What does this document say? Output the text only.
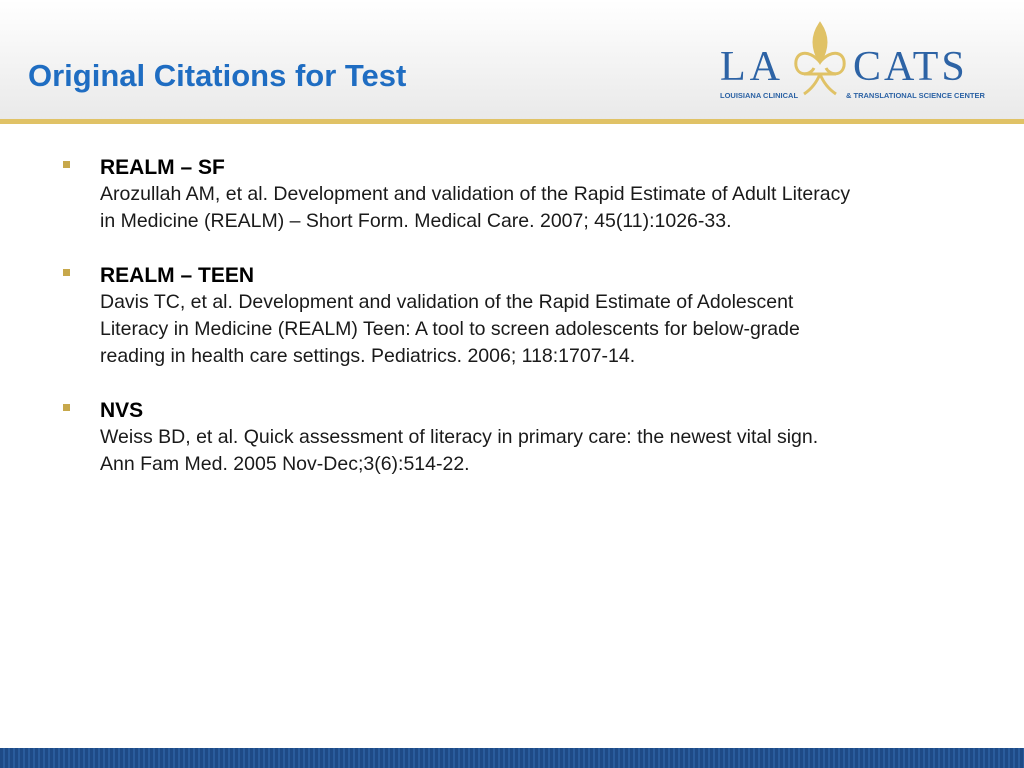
Original Citations for Test	LA CATS
LOUISIANA CLINICAL	& TRANSLATIONAL SCIENCE CENTER

REALM – SF

Arozullah AM, et al. Development and validation of the Rapid Estimate of Adult Literacy

in Medicine (REALM) – Short Form. Medical Care. 2007; 45(11):1026-33.

REALM – TEEN

Davis TC, et al. Development and validation of the Rapid Estimate of Adolescent

Literacy in Medicine (REALM) Teen: A tool to screen adolescents for below-grade

reading in health care settings. Pediatrics. 2006; 118:1707-14.

NVS

Weiss BD, et al. Quick assessment of literacy in primary care: the newest vital sign.

Ann Fam Med. 2005 Nov-Dec;3(6):514-22.
